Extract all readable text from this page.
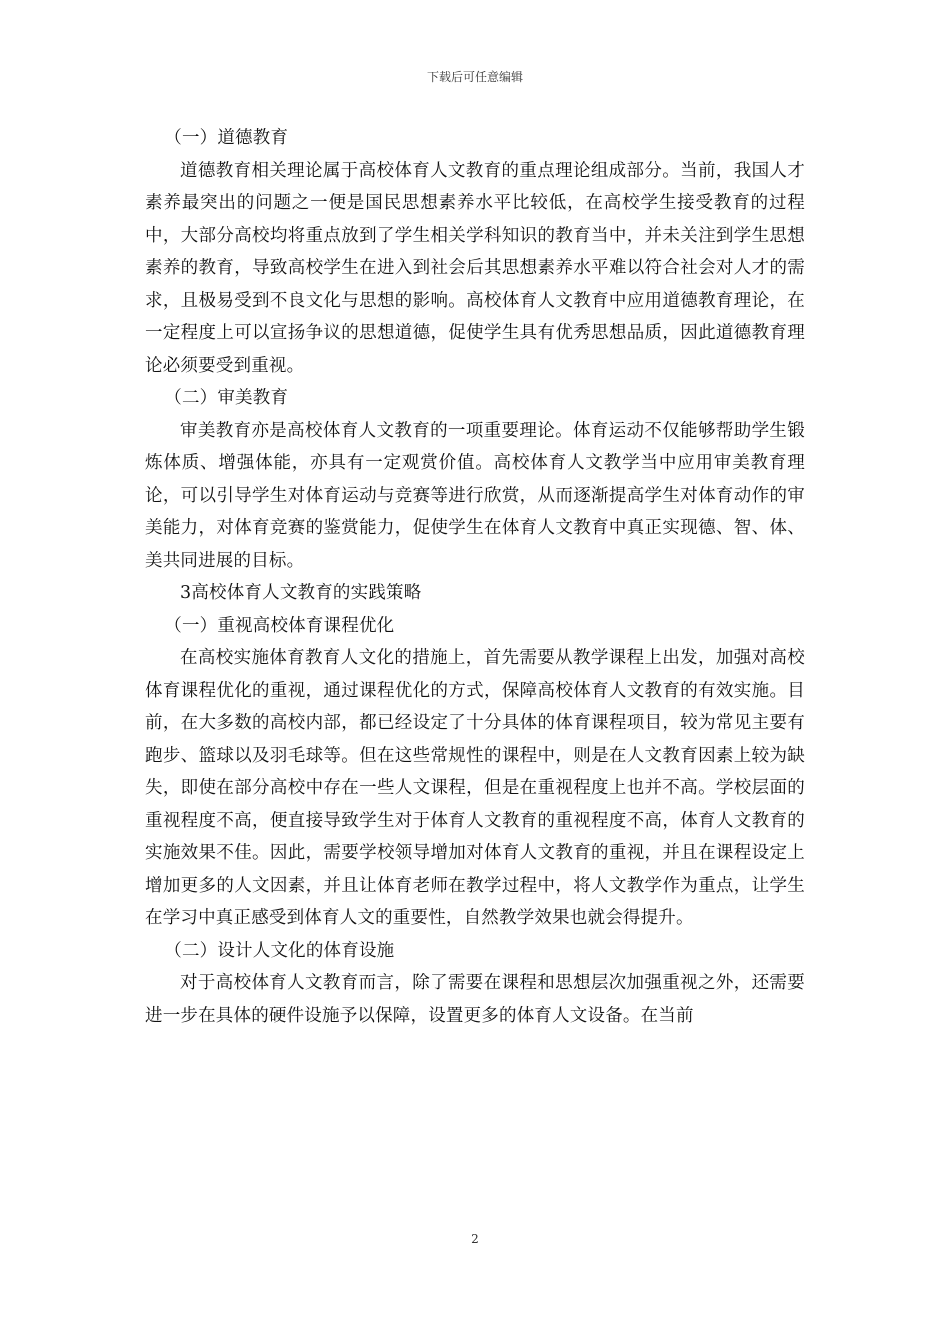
下载后可任意编辑

（一）道德教育

道德教育相关理论属于高校体育人文教育的重点理论组成部分。当前，我国人才素养最突出的问题之一便是国民思想素养水平比较低，在高校学生接受教育的过程中，大部分高校均将重点放到了学生相关学科知识的教育当中，并未关注到学生思想素养的教育，导致高校学生在进入到社会后其思想素养水平难以符合社会对人才的需求，且极易受到不良文化与思想的影响。高校体育人文教育中应用道德教育理论，在一定程度上可以宣扬争议的思想道德，促使学生具有优秀思想品质，因此道德教育理论必须要受到重视。

（二）审美教育

审美教育亦是高校体育人文教育的一项重要理论。体育运动不仅能够帮助学生锻炼体质、增强体能，亦具有一定观赏价值。高校体育人文教学当中应用审美教育理论，可以引导学生对体育运动与竞赛等进行欣赏，从而逐渐提高学生对体育动作的审美能力，对体育竞赛的鉴赏能力，促使学生在体育人文教育中真正实现德、智、体、美共同进展的目标。

3高校体育人文教育的实践策略

（一）重视高校体育课程优化

在高校实施体育教育人文化的措施上，首先需要从教学课程上出发，加强对高校体育课程优化的重视，通过课程优化的方式，保障高校体育人文教育的有效实施。目前，在大多数的高校内部，都已经设定了十分具体的体育课程项目，较为常见主要有跑步、篮球以及羽毛球等。但在这些常规性的课程中，则是在人文教育因素上较为缺失，即使在部分高校中存在一些人文课程，但是在重视程度上也并不高。学校层面的重视程度不高，便直接导致学生对于体育人文教育的重视程度不高，体育人文教育的实施效果不佳。因此，需要学校领导增加对体育人文教育的重视，并且在课程设定上增加更多的人文因素，并且让体育老师在教学过程中，将人文教学作为重点，让学生在学习中真正感受到体育人文的重要性，自然教学效果也就会得提升。

（二）设计人文化的体育设施

对于高校体育人文教育而言，除了需要在课程和思想层次加强重视之外，还需要进一步在具体的硬件设施予以保障，设置更多的体育人文设备。在当前

2
